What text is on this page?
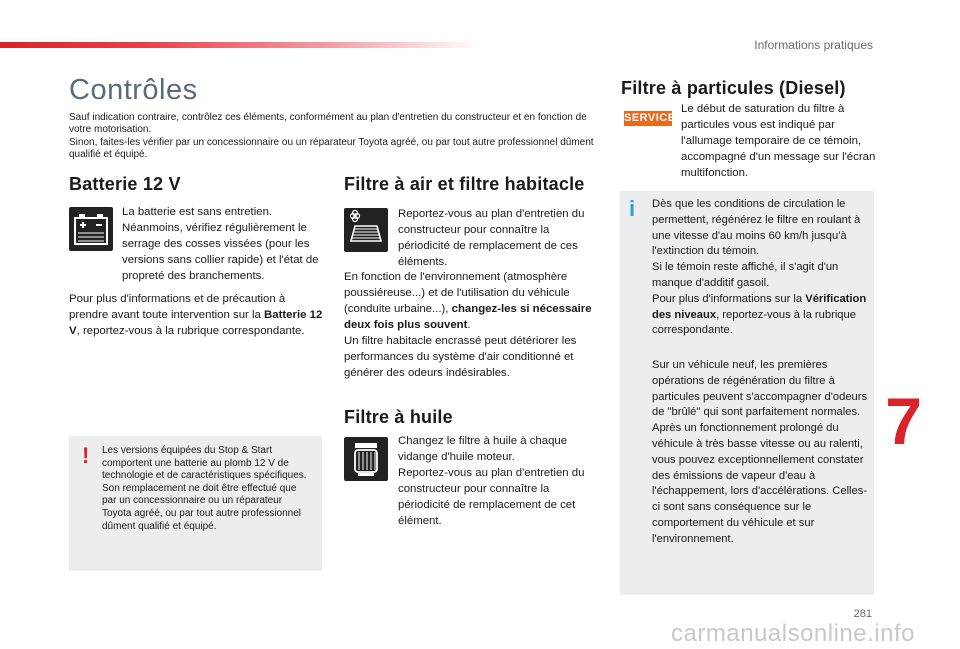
Informations pratiques
Contrôles
Sauf indication contraire, contrôlez ces éléments, conformément au plan d'entretien du constructeur et en fonction de votre motorisation.
Sinon, faites-les vérifier par un concessionnaire ou un réparateur Toyota agréé, ou par tout autre professionnel dûment qualifié et équipé.
Batterie 12 V
La batterie est sans entretien.
Néanmoins, vérifiez régulièrement le serrage des cosses vissées (pour les versions sans collier rapide) et l'état de propreté des branchements.
Pour plus d'informations et de précaution à prendre avant toute intervention sur la Batterie 12 V, reportez-vous à la rubrique correspondante.
! Les versions équipées du Stop & Start comportent une batterie au plomb 12 V de technologie et de caractéristiques spécifiques.
Son remplacement ne doit être effectué que par un concessionnaire ou un réparateur Toyota agréé, ou par tout autre professionnel dûment qualifié et équipé.
Filtre à air et filtre habitacle
Reportez-vous au plan d'entretien du constructeur pour connaître la périodicité de remplacement de ces éléments.
En fonction de l'environnement (atmosphère poussiéreuse...) et de l'utilisation du véhicule (conduite urbaine...), changez-les si nécessaire deux fois plus souvent.
Un filtre habitacle encrassé peut détériorer les performances du système d'air conditionné et générer des odeurs indésirables.
Filtre à huile
Changez le filtre à huile à chaque vidange d'huile moteur.
Reportez-vous au plan d'entretien du constructeur pour connaître la périodicité de remplacement de cet élément.
Filtre à particules (Diesel)
SERVICE
Le début de saturation du filtre à particules vous est indiqué par l'allumage temporaire de ce témoin, accompagné d'un message sur l'écran multifonction.
i Dès que les conditions de circulation le permettent, régénérez le filtre en roulant à une vitesse d'au moins 60 km/h jusqu'à l'extinction du témoin.
Si le témoin reste affiché, il s'agit d'un manque d'additif gasoil.
Pour plus d'informations sur la Vérification des niveaux, reportez-vous à la rubrique correspondante.
Sur un véhicule neuf, les premières opérations de régénération du filtre à particules peuvent s'accompagner d'odeurs de "brûlé" qui sont parfaitement normales.
Après un fonctionnement prolongé du véhicule à très basse vitesse ou au ralenti, vous pouvez exceptionnellement constater des émissions de vapeur d'eau à l'échappement, lors d'accélérations. Celles-ci sont sans conséquence sur le comportement du véhicule et sur l'environnement.
7
281
carmanualsonline.info
